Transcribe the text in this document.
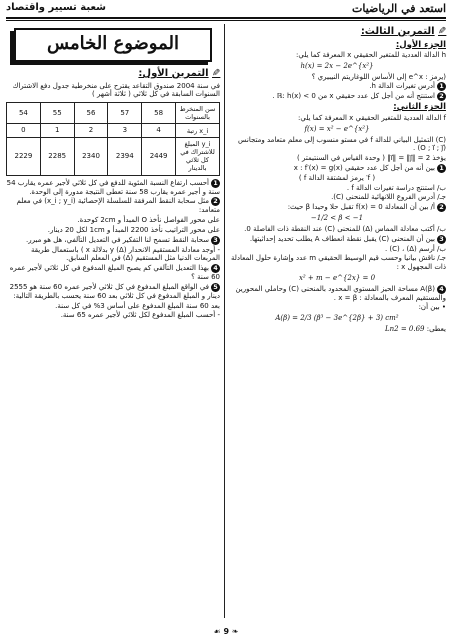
استعد في الرياضيات
شعبة تسيير واقتصاد
✎
التمرين الثالث:
الجزء الأول:

h الدالة العددية للمتغير الحقيقي x المعرفة كما يلي:

h(x) = 2x − 2e^{x²}

(يرمز : e^x إلى الأساس اللوغاريتم النيبيري ؟

1أدرس تغيرات الدالة h.

2استنتج أنه من أجل كل عدد حقيقي x من ℝ: h(x) < 0 .

الجزء الثاني:

f الدالة العددية للمتغير الحقيقي x المعرفة كما يلي:

f(x) = x² − e^{x²}

(C) التمثيل البياني للدالة f في مستو منسوب إلى معلم متعامد ومتجانس (O ; i⃗ ; j⃗) .

يؤخذ 2 = ‖i⃗‖ = ‖j⃗‖ ( وحدة القياس في السنتيمتر )

1بين أنه من أجل كل عدد حقيقي x : f′(x) = g(x)

( f′ يرمز لمشتقة الدالة f )

ب/ استنتج دراسة تغيرات الدالة f .

جـ/ أدرس الفروع اللانهائية للمنحنى (C).

2أ/ بين أن المعادلة f(x) = 0 تقبل حلا وحيدا β حيث:

−1/2 < β < −1

ب/ أكتب معادلة المماس (Δ) للمنحنى (C) عند النقطة ذات الفاصلة 0.

3بين أن المنحنى (C) يقبل نقطة انعطاف A يطلب تحديد إحداثيتها.

ب/ أرسم (Δ) ، (C) .

جـ/ ناقش بيانيا وحسب قيم الوسيط الحقيقي m عدد وإشارة حلول المعادلة ذات المجهول x :

x² + m − e^{2x} = 0

4A(β) مساحة الحيز المستوي المحدود بالمنحنى (C) وحاملي المحورين والمستقيم المعرف بالمعادلة : x = β .

• بين أن:

A(β) = 2/3 (β³ − 3e^{2β} + 3) cm²

يعطى: Ln2 = 0.69

الموضوع الخامس
✎
التمرين الأول:

في سنة 2004 صندوق التقاعد يقترح على منخرطية جدول دفع الاشتراك السنوات السابقة في كل ثلاثي ( ثلاثة أشهر )

سن المنخرط بالسنوات	58	57	56	55	54
x_i رتبة	4	3	2	1	0
y_i المبلغ للاشتراك في كل ثلاثي بالدينار	2449	2394	2340	2285	2229

1أحسب ارتفاع النسبة المئوية للدفع في كل ثلاثي لأجير عمره يقارب 54 سنة و أجير عمره يقارب 58 سنة تعطى النتيجة مدورة إلى الوحدة.

2مثل سحابة النقط المرفقة للسلسلة الإحصائية (x_i ; y_i) في معلم متعامد:

على محور الفواصل نأخذ O المبدأ و 2cm كوحدة.

على محور التراتيب نأخذ 2200 المبدأ و 1cm لكل 20 دينار.

3سحابة النقط تسمح لنا التفكير في التعديل التآلفي، هل هو مبرر.

- أوجد معادلة المستقيم الانحدار (Δ) y بدلالة x ) باستعمال طريقة المربعات الدنيا مثل المستقيم (Δ) في المعلم السابق.

4بهذا التعديل التآلفي كم يصبح المبلغ المدفوع في كل ثلاثي لأجير عمره 60 سنة ؟

5في الواقع المبلغ المدفوع في كل ثلاثي لأجير عمره 60 سنة هو 2555 دينار و المبلغ المدفوع في كل ثلاثي بعد 60 سنة يحسب بالطريقة التالية:

بعد 60 سنة المبلغ المدفوع على أساس 3% في كل سنة.

- أحسب المبلغ المدفوع لكل ثلاثي لأجير عمره 65 سنة.

❧ 9 ☙
